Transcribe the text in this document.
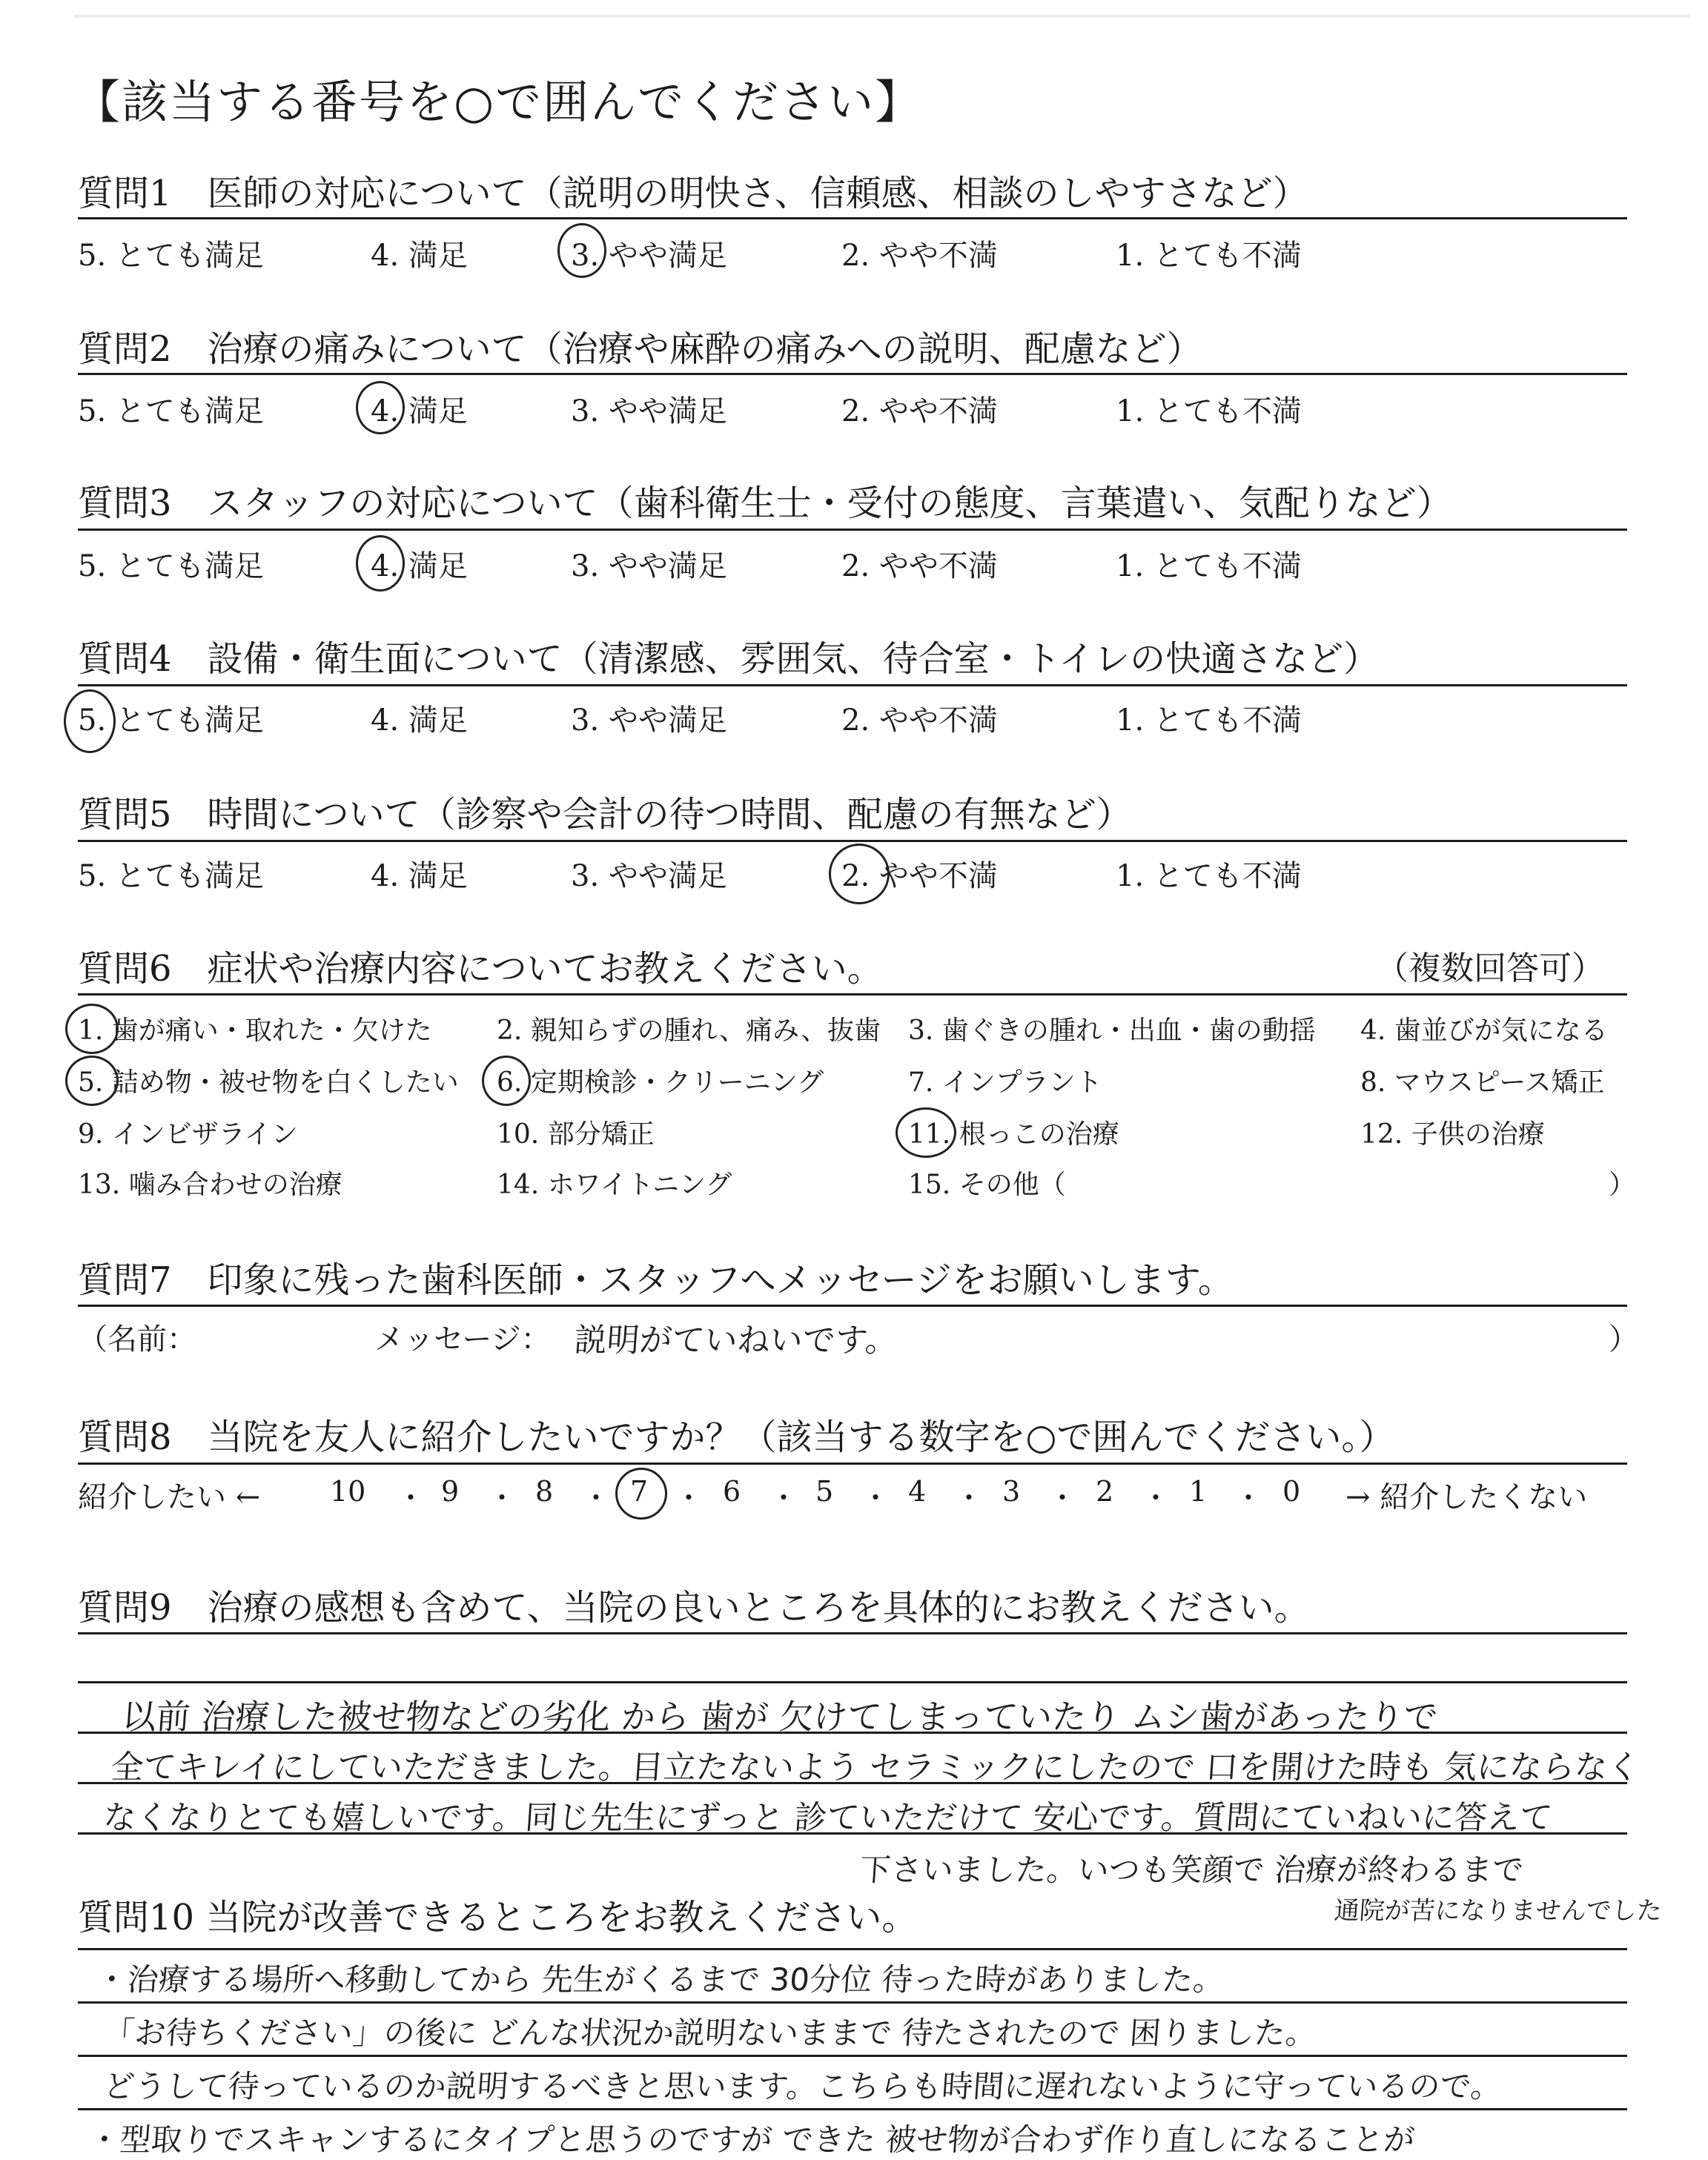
【該当する番号を○で囲んでください】
質問1　医師の対応について（説明の明快さ、信頼感、相談のしやすさなど）
5. とても満足	4. 満足	3. やや満足	2. やや不満	1. とても不満
質問2　治療の痛みについて（治療や麻酔の痛みへの説明、配慮など）
5. とても満足	4. 満足	3. やや満足	2. やや不満	1. とても不満
質問3　スタッフの対応について（歯科衛生士・受付の態度、言葉遣い、気配りなど）
5. とても満足	4. 満足	3. やや満足	2. やや不満	1. とても不満
質問4　設備・衛生面について（清潔感、雰囲気、待合室・トイレの快適さなど）
5. とても満足	4. 満足	3. やや満足	2. やや不満	1. とても不満
質問5　時間について（診察や会計の待つ時間、配慮の有無など）
5. とても満足	4. 満足	3. やや満足	2. やや不満	1. とても不満
質問6　症状や治療内容についてお教えください。	（複数回答可）
1. 歯が痛い・取れた・欠けた 2. 親知らずの腫れ、痛み、抜歯 3. 歯ぐきの腫れ・出血・歯の動揺 4. 歯並びが気になる
5. 詰め物・被せ物を白くしたい 6. 定期検診・クリーニング	7. インプラント	8. マウスピース矯正
9. インビザライン	10. 部分矯正	11. 根っこの治療	12. 子供の治療
13. 噛み合わせの治療	14. ホワイトニング	15. その他（	）
質問7　印象に残った歯科医師・スタッフへメッセージをお願いします。
（名前：	メッセージ： 説明がていねいです。	）
質問8　当院を友人に紹介したいですか？（該当する数字を○で囲んでください。）
紹介したい ←	→ 紹介したくない
10 ・ 9 ・ 8 ・ 7 ・ 6 ・ 5 ・ 4 ・ 3 ・ 2 ・ 1 ・ 0
質問9　治療の感想も含めて、当院の良いところを具体的にお教えください。
以前 治療した被せ物などの劣化 から 歯が 欠けてしまっていたり ムシ歯があったりで
全てキレイにしていただきました。目立たないよう セラミックにしたので 口を開けた時も 気にならなく
なくなりとても嬉しいです。同じ先生にずっと 診ていただけて 安心です。質問にていねいに答えて
下さいました。いつも笑顔で 治療が終わるまで
通院が苦になりませんでした
質問10 当院が改善できるところをお教えください。
・治療する場所へ移動してから 先生がくるまで 30分位 待った時がありました。
「お待ちください」の後に どんな状況か説明ないままで 待たされたので 困りました。
どうして待っているのか説明するべきと思います。こちらも時間に遅れないように守っているので。
・型取りでスキャンするにタイプと思うのですが できた 被せ物が合わず作り直しになることが
